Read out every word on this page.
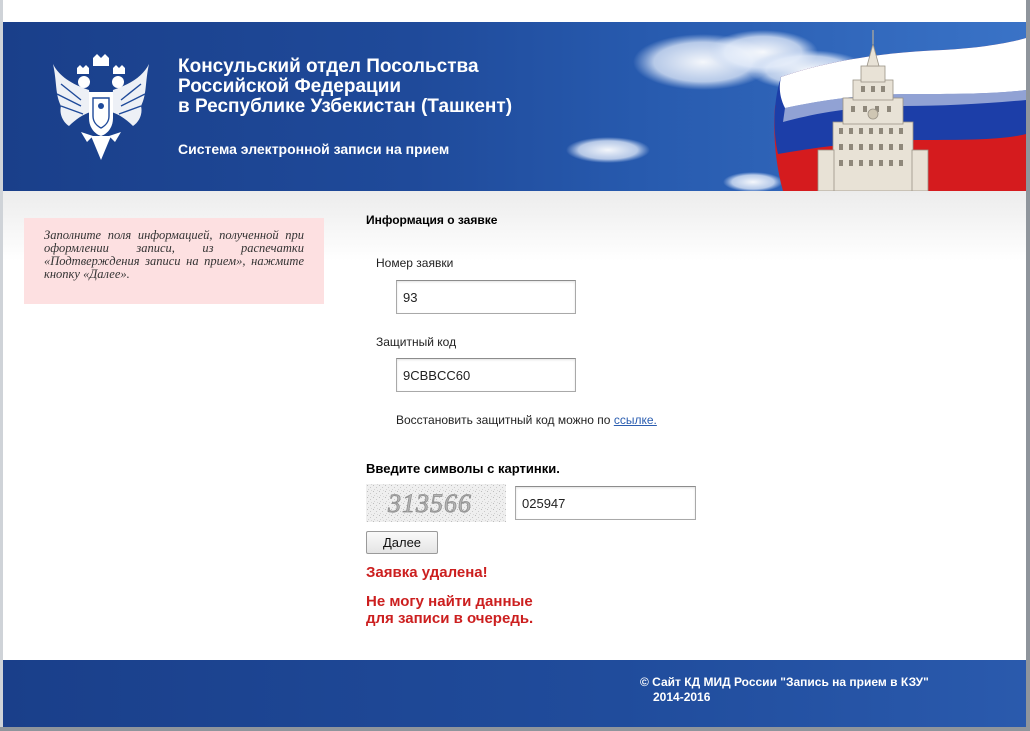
Консульский отдел Посольства
Российской Федерации
в Республике Узбекистан (Ташкент)
Система электронной записи на прием

Заполните поля информацией, полученной при оформлении записи, из распечатки «Подтверждения записи на прием», нажмите кнопку «Далее».

Информация о заявке
Номер заявки
93
Защитный код
9CBBCC60
Восстановить защитный код можно по ссылке.
Введите символы с картинки.
313566
025947
Далее
Заявка удалена!
Не могу найти данные
для записи в очередь.
© Сайт КД МИД России "Запись на прием в КЗУ"
2014-2016
